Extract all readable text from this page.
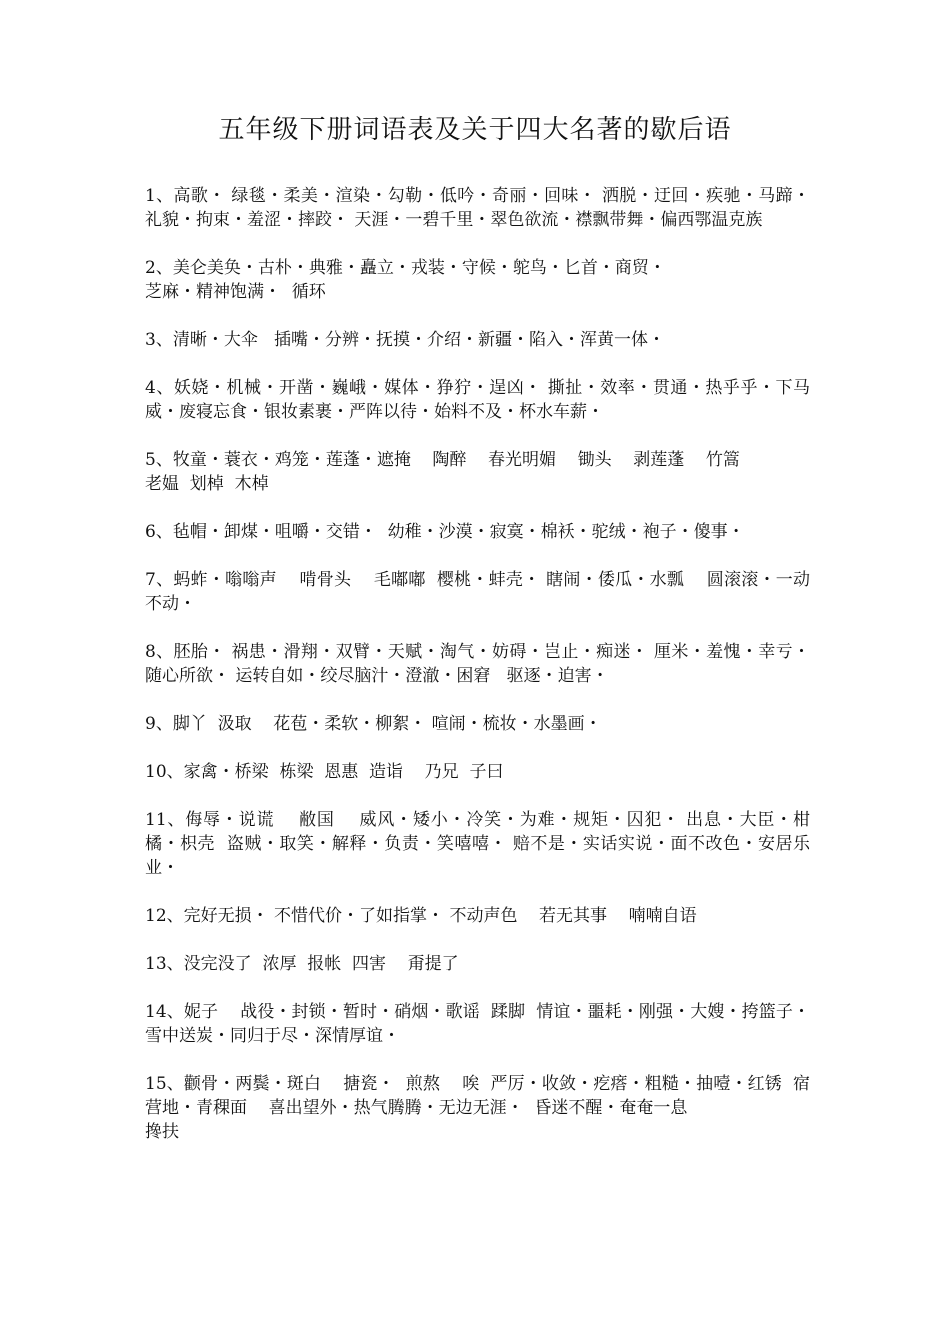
五年级下册词语表及关于四大名著的歇后语
1、高歌・ 绿毯・柔美・渲染・勾勒・低吟・奇丽・回味・ 洒脱・迂回・疾驰・马蹄・礼貌・拘束・羞涩・摔跤・ 天涯・一碧千里・翠色欲流・襟飘带舞・偏西鄂温克族
2、美仑美奂・古朴・典雅・矗立・戎装・守候・鸵鸟・匕首・商贸・
芝麻・精神饱满・  循环
3、清晰・大伞   插嘴・分辨・抚摸・介绍・新疆・陷入・浑黄一体・
4、妖娆・机械・开凿・巍峨・媒体・狰狞・逞凶・ 撕扯・效率・贯通・热乎乎・下马威・废寝忘食・银妆素裹・严阵以待・始料不及・杯水车薪・
5、牧童・蓑衣・鸡笼・莲蓬・遮掩    陶醉    春光明媚    锄头    剥莲蓬    竹篙
老媪  划棹  木棹
6、毡帽・卸煤・咀嚼・交错・  幼稚・沙漠・寂寞・棉袄・驼绒・袍子・傻事・
7、蚂蚱・嗡嗡声    啃骨头    毛嘟嘟  樱桃・蚌壳・ 瞎闹・倭瓜・水瓢    圆滚滚・一动不动・
8、胚胎・ 祸患・滑翔・双臂・天赋・淘气・妨碍・岂止・痴迷・ 厘米・羞愧・幸亏・随心所欲・ 运转自如・绞尽脑汁・澄澈・困窘   驱逐・迫害・
9、脚丫  汲取    花苞・柔软・柳絮・ 喧闹・梳妆・水墨画・
10、家禽・桥梁  栋梁  恩惠  造诣    乃兄  子曰
11、侮辱・说谎    敝国    威风・矮小・冷笑・为难・规矩・囚犯・ 出息・大臣・柑橘・枳壳  盗贼・取笑・解释・负责・笑嘻嘻・ 赔不是・实话实说・面不改色・安居乐业・
12、完好无损・ 不惜代价・了如指掌・ 不动声色    若无其事    喃喃自语
13、没完没了  浓厚  报帐  四害    甭提了
14、妮子    战役・封锁・暂时・硝烟・歌谣  蹂脚  情谊・噩耗・刚强・大嫂・挎篮子・雪中送炭・同归于尽・深情厚谊・
15、颧骨・两鬓・斑白    搪瓷・  煎熬    唉  严厉・收敛・疙瘩・粗糙・抽噎・红锈  宿营地・青稞面    喜出望外・热气腾腾・无边无涯・  昏迷不醒・奄奄一息
搀扶
